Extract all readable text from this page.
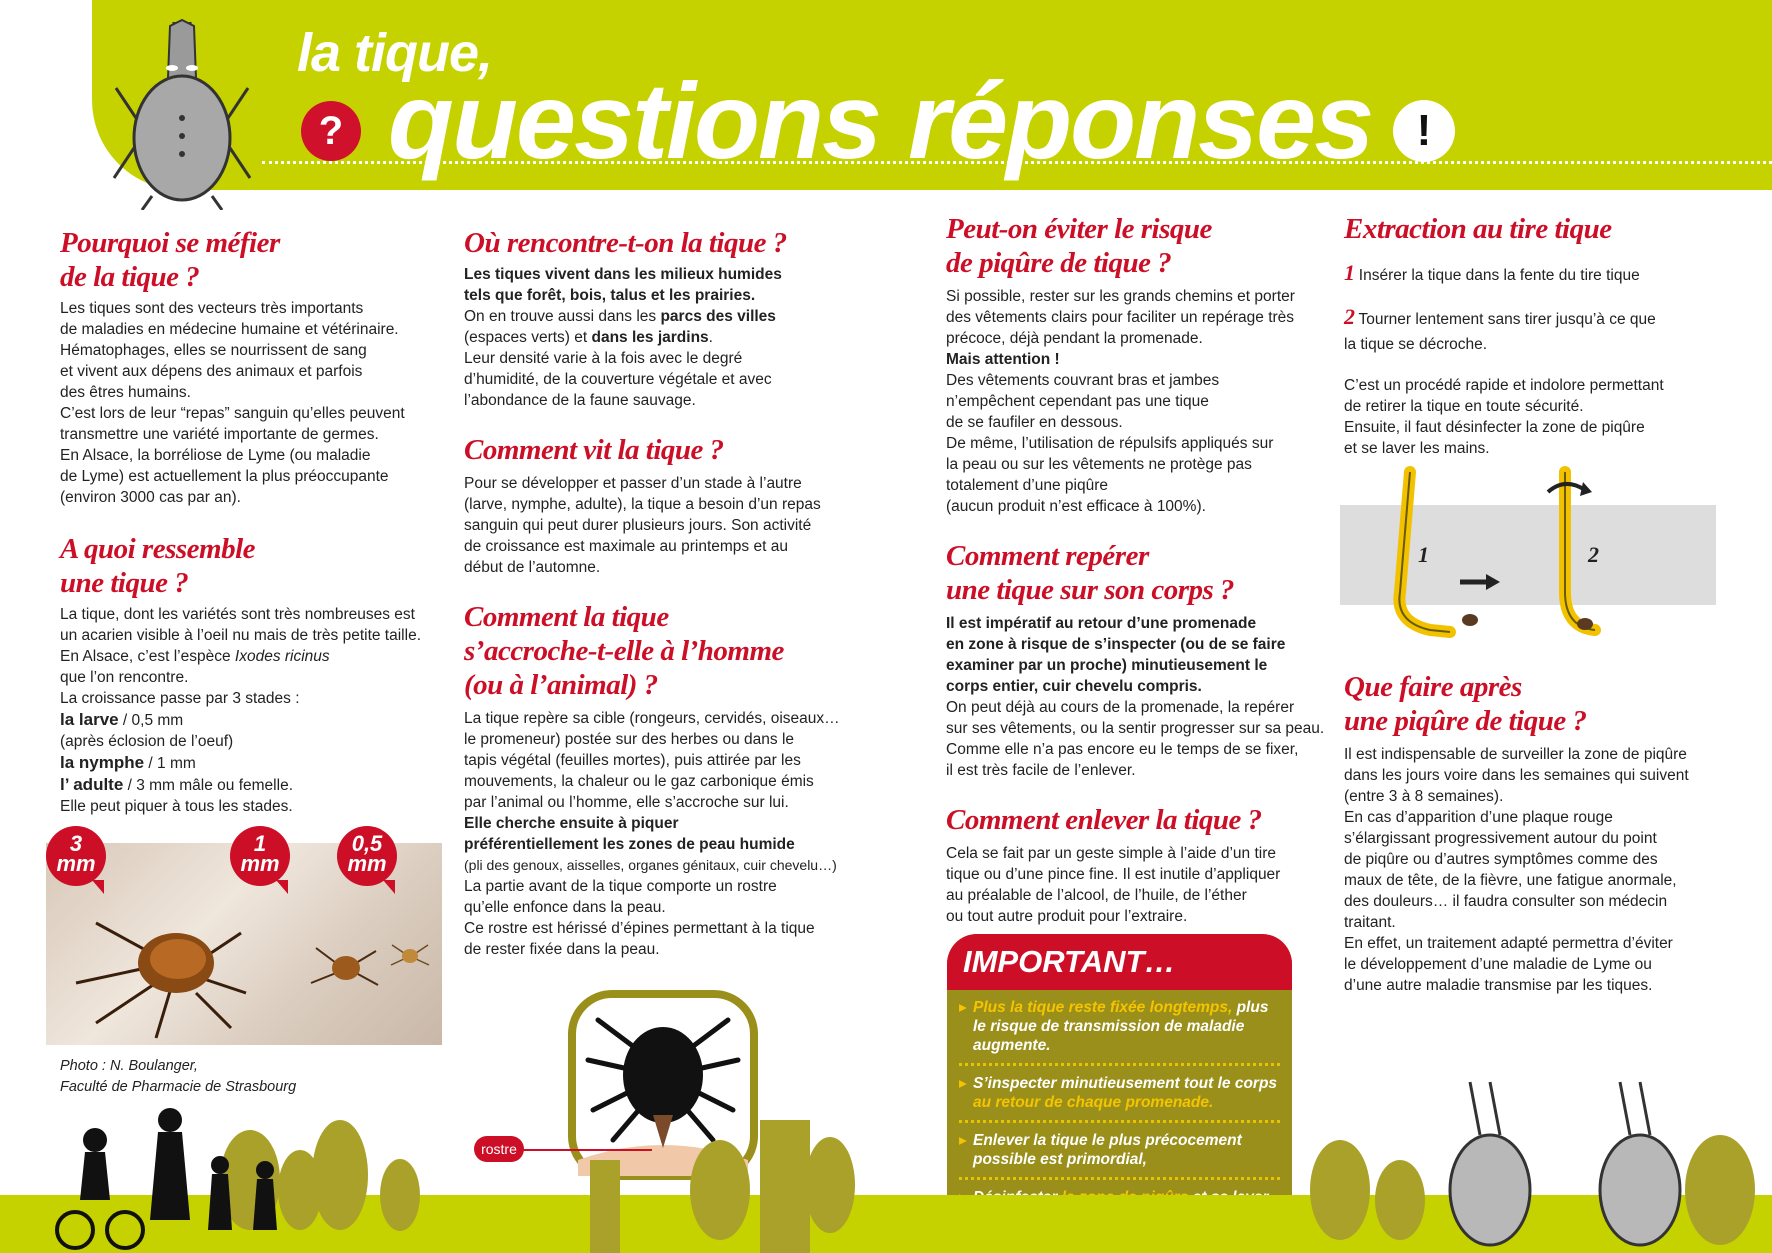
la tique,
? questions réponses	!
Pourquoi se méfier
de la tique ?

Les tiques sont des vecteurs très importants

de maladies en médecine humaine et vétérinaire.

Hématophages, elles se nourrissent de sang

et vivent aux dépens des animaux et parfois

des êtres humains.

C’est lors de leur “repas” sanguin qu’elles peuvent

transmettre une variété importante de germes.

En Alsace, la borréliose de Lyme (ou maladie

de Lyme) est actuellement la plus préoccupante

(environ 3000 cas par an).

A quoi ressemble
une tique ?

La tique, dont les variétés sont très nombreuses est

un acarien visible à l’oeil nu mais de très petite taille.

En Alsace, c’est l’espèce Ixodes ricinus

que l’on rencontre.

La croissance passe par 3 stades :

la larve / 0,5 mm

(après éclosion de l’oeuf)

la nymphe / 1 mm

l’ adulte / 3 mm mâle ou femelle.

Elle peut piquer à tous les stades.

3
mm
1
mm
0,5
mm
Photo : N. Boulanger,
Faculté de Pharmacie de Strasbourg
Où rencontre-t-on la tique ?

Les tiques vivent dans les milieux humides

tels que forêt, bois, talus et les prairies.

On en trouve aussi dans les parcs des villes

(espaces verts) et dans les jardins.

Leur densité varie à la fois avec le degré

d’humidité, de la couverture végétale et avec

l’abondance de la faune sauvage.

Comment vit la tique ?

Pour se développer et passer d’un stade à l’autre

(larve, nymphe, adulte), la tique a besoin d’un repas

sanguin qui peut durer plusieurs jours. Son activité

de croissance est maximale au printemps et au

début de l’automne.

Comment la tique
s’accroche-t-elle à l’homme
(ou à l’animal) ?

La tique repère sa cible (rongeurs, cervidés, oiseaux…

le promeneur) postée sur des herbes ou dans le

tapis végétal (feuilles mortes), puis attirée par les

mouvements, la chaleur ou le gaz carbonique émis

par l’animal ou l’homme, elle s’accroche sur lui.

Elle cherche ensuite à piquer

préférentiellement les zones de peau humide

(pli des genoux, aisselles, organes génitaux, cuir chevelu…)

La partie avant de la tique comporte un rostre

qu’elle enfonce dans la peau.

Ce rostre est hérissé d’épines permettant à la tique

de rester fixée dans la peau.

rostre
Peut-on éviter le risque
de piqûre de tique ?

Si possible, rester sur les grands chemins et porter

des vêtements clairs pour faciliter un repérage très

précoce, déjà pendant la promenade.

Mais attention !

Des vêtements couvrant bras et jambes

n’empêchent cependant pas une tique

de se faufiler en dessous.

De même, l’utilisation de répulsifs appliqués sur

la peau ou sur les vêtements ne protège pas

totalement d’une piqûre

(aucun produit n’est efficace à 100%).

Comment repérer
une tique sur son corps ?

Il est impératif au retour d’une promenade

en zone à risque de s’inspecter (ou de se faire

examiner par un proche) minutieusement le

corps entier, cuir chevelu compris.

On peut déjà au cours de la promenade, la repérer

sur ses vêtements, ou la sentir progresser sur sa peau.

Comme elle n’a pas encore eu le temps de se fixer,

il est très facile de l’enlever.

Comment enlever la tique ?

Cela se fait par un geste simple à l’aide d’un tire

tique ou d’une pince fine. Il est inutile d’appliquer

au préalable de l’alcool, de l’huile, de l’éther

ou tout autre produit pour l’extraire.

IMPORTANT…
▸ Plus la tique reste fixée longtemps, plus le risque de transmission de maladie augmente.
▸ S’inspecter minutieusement tout le corps au retour de chaque promenade.
▸ Enlever la tique le plus précocement possible est primordial,
▸
Extraction au tire tique

1 Insérer la tique dans la fente du tire tique

2 Tourner lentement sans tirer jusqu’à ce que

la tique se décroche.

C’est un procédé rapide et indolore permettant

de retirer la tique en toute sécurité.

Ensuite, il faut désinfecter la zone de piqûre

et se laver les mains.

1	2
Que faire après
une piqûre de tique ?

Il est indispensable de surveiller la zone de piqûre

dans les jours voire dans les semaines qui suivent

(entre 3 à 8 semaines).

En cas d’apparition d’une plaque rouge

s’élargissant progressivement autour du point

de piqûre ou d’autres symptômes comme des

maux de tête, de la fièvre, une fatigue anormale,

des douleurs… il faudra consulter son médecin

traitant.

En effet, un traitement adapté permettra d’éviter

le développement d’une maladie de Lyme ou

d’une autre maladie transmise par les tiques.
